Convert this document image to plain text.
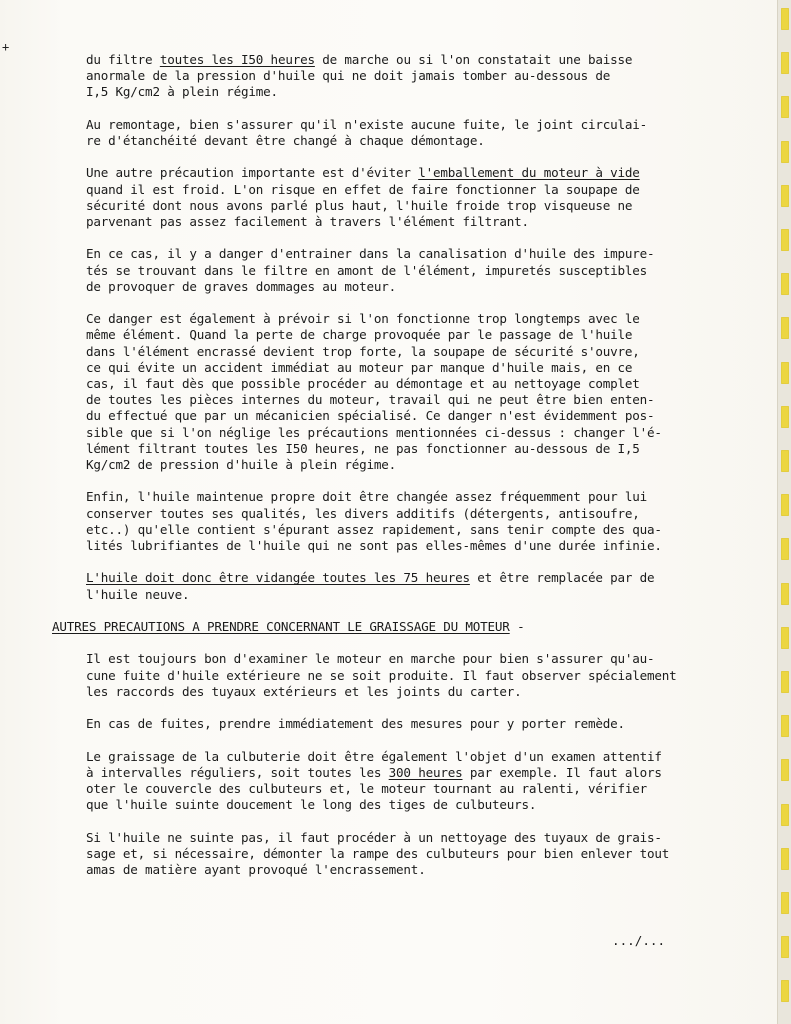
+
du filtre toutes les I50 heures de marche ou si l'on constatait une baisse
anormale de la pression d'huile qui ne doit jamais tomber au-dessous de
I,5 Kg/cm2 à plein régime.
Au remontage, bien s'assurer qu'il n'existe aucune fuite, le joint circulai-
re d'étanchéité devant être changé à chaque démontage.
Une autre précaution importante est d'éviter l'emballement du moteur à vide
quand il est froid. L'on risque en effet de faire fonctionner la soupape de
sécurité dont nous avons parlé plus haut, l'huile froide trop visqueuse ne
parvenant pas assez facilement à travers l'élément filtrant.
En ce cas, il y a danger d'entrainer dans la canalisation d'huile des impure-
tés se trouvant dans le filtre en amont de l'élément, impuretés susceptibles
de provoquer de graves dommages au moteur.
Ce danger est également à prévoir si l'on fonctionne trop longtemps avec le
même élément. Quand la perte de charge provoquée par le passage de l'huile
dans l'élément encrassé devient trop forte, la soupape de sécurité s'ouvre,
ce qui évite un accident immédiat au moteur par manque d'huile mais, en ce
cas, il faut dès que possible procéder au démontage et au nettoyage complet
de toutes les pièces internes du moteur, travail qui ne peut être bien enten-
du effectué que par un mécanicien spécialisé. Ce danger n'est évidemment pos-
sible que si l'on néglige les précautions mentionnées ci-dessus : changer l'é-
lément filtrant toutes les I50 heures, ne pas fonctionner au-dessous de I,5
Kg/cm2 de pression d'huile à plein régime.
Enfin, l'huile maintenue propre doit être changée assez fréquemment pour lui
conserver toutes ses qualités, les divers additifs (détergents, antisoufre,
etc..) qu'elle contient s'épurant assez rapidement, sans tenir compte des qua-
lités lubrifiantes de l'huile qui ne sont pas elles-mêmes d'une durée infinie.
L'huile doit donc être vidangée toutes les 75 heures et être remplacée par de
l'huile neuve.
AUTRES PRECAUTIONS A PRENDRE CONCERNANT LE GRAISSAGE DU MOTEUR -
Il est toujours bon d'examiner le moteur en marche pour bien s'assurer qu'au-
cune fuite d'huile extérieure ne se soit produite. Il faut observer spécialement
les raccords des tuyaux extérieurs et les joints du carter.
En cas de fuites, prendre immédiatement des mesures pour y porter remède.
Le graissage de la culbuterie doit être également l'objet d'un examen attentif
à intervalles réguliers, soit toutes les 300 heures par exemple. Il faut alors
oter le couvercle des culbuteurs et, le moteur tournant au ralenti, vérifier
que l'huile suinte doucement le long des tiges de culbuteurs.
Si l'huile ne suinte pas, il faut procéder à un nettoyage des tuyaux de grais-
sage et, si nécessaire, démonter la rampe des culbuteurs pour bien enlever tout
amas de matière ayant provoqué l'encrassement.
.../...
